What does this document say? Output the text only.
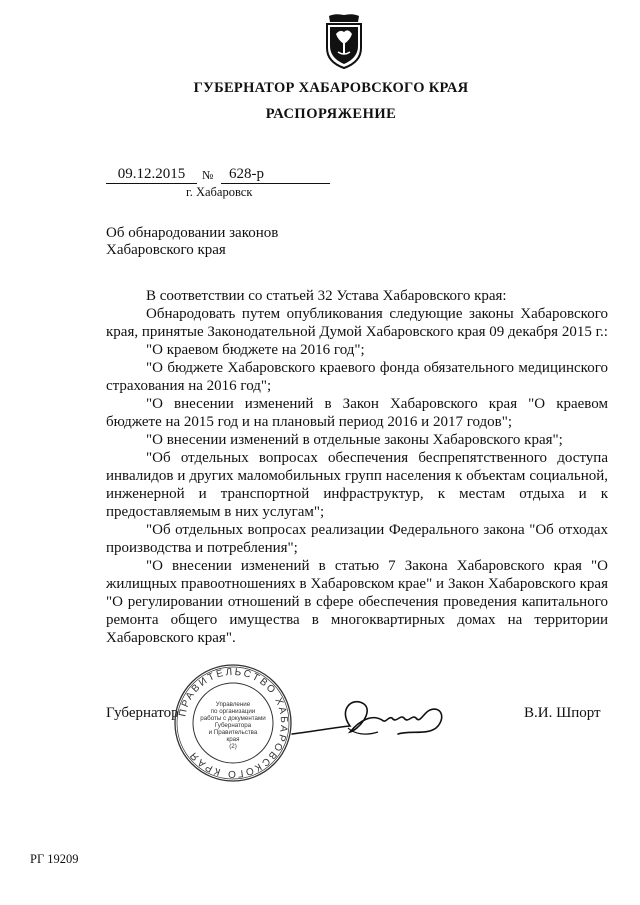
ГУБЕРНАТОР ХАБАРОВСКОГО КРАЯ
РАСПОРЯЖЕНИЕ
09.12.2015	№	628-р
г. Хабаровск
Об обнародовании законов
Хабаровского края

В соответствии со статьей 32 Устава Хабаровского края:

Обнародовать путем опубликования следующие законы Хабаровского края, принятые Законодательной Думой Хабаровского края 09 декабря 2015 г.:

"О краевом бюджете на 2016 год";

"О бюджете Хабаровского краевого фонда обязательного медицинского страхования на 2016 год";

"О внесении изменений в Закон Хабаровского края "О краевом бюджете на 2015 год и на плановый период 2016 и 2017 годов";

"О внесении изменений в отдельные законы Хабаровского края";

"Об отдельных вопросах обеспечения беспрепятственного доступа инвалидов и других маломобильных групп населения к объектам социальной, инженерной и транспортной инфраструктур, к местам отдыха и к предоставляемым в них услугам";

"Об отдельных вопросах реализации Федерального закона "Об отходах производства и потребления";

"О внесении изменений в статью 7 Закона Хабаровского края "О жилищных правоотношениях в Хабаровском крае" и Закон Хабаровского края "О регулировании отношений в сфере обеспечения проведения капитального ремонта общего имущества в многоквартирных домах на территории Хабаровского края".

Губернатор
ПРАВИТЕЛЬСТВО ХАБАРОВСКОГО КРАЯ
Управление
по организации
работы с документами
Губернатора
и Правительства
края
(2)
В.И. Шпорт
РГ 19209
